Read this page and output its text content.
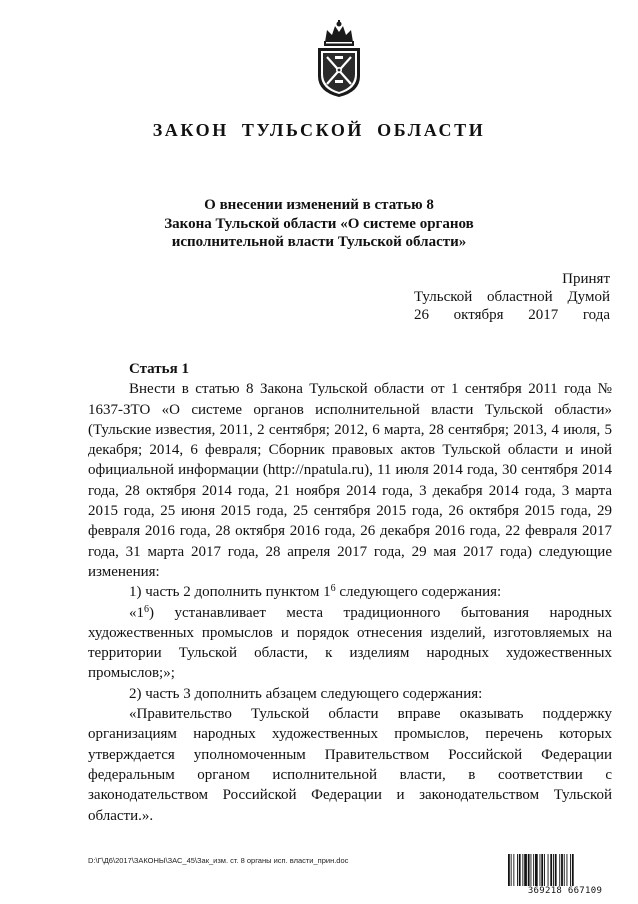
ЗАКОН ТУЛЬСКОЙ ОБЛАСТИ
О внесении изменений в статью 8
Закона Тульской области «О системе органов
исполнительной власти Тульской области»
Принят
Тульской областной Думой
26 октября 2017 года
Статья 1

Внести в статью 8 Закона Тульской области от 1 сентября 2011 года № 1637-ЗТО «О системе органов исполнительной власти Тульской области» (Тульские известия, 2011, 2 сентября; 2012, 6 марта, 28 сентября; 2013, 4 июля, 5 декабря; 2014, 6 февраля; Сборник правовых актов Тульской области и иной официальной информации (http://npatula.ru), 11 июля 2014 года, 30 сентября 2014 года, 28 октября 2014 года, 21 ноября 2014 года, 3 декабря 2014 года, 3 марта 2015 года, 25 июня 2015 года, 25 сентября 2015 года, 26 октября 2015 года, 29 февраля 2016 года, 28 октября 2016 года, 26 декабря 2016 года, 22 февраля 2017 года, 31 марта 2017 года, 28 апреля 2017 года, 29 мая 2017 года) следующие изменения:

1) часть 2 дополнить пунктом $1^6$ следующего содержания:

«$1^6$) устанавливает места традиционного бытования народных художественных промыслов и порядок отнесения изделий, изготовляемых на территории Тульской области, к изделиям народных художественных промыслов;»;

2) часть 3 дополнить абзацем следующего содержания:

«Правительство Тульской области вправе оказывать поддержку организациям народных художественных промыслов, перечень которых утверждается уполномоченным Правительством Российской Федерации федеральным органом исполнительной власти, в соответствии с законодательством Российской Федерации и законодательством Тульской области.».

D:\Г\Д6\2017\ЗАКОНЫ\ЗАС_45\Зак_изм. ст. 8 органы исп. власти_прин.doc
369218 667109
